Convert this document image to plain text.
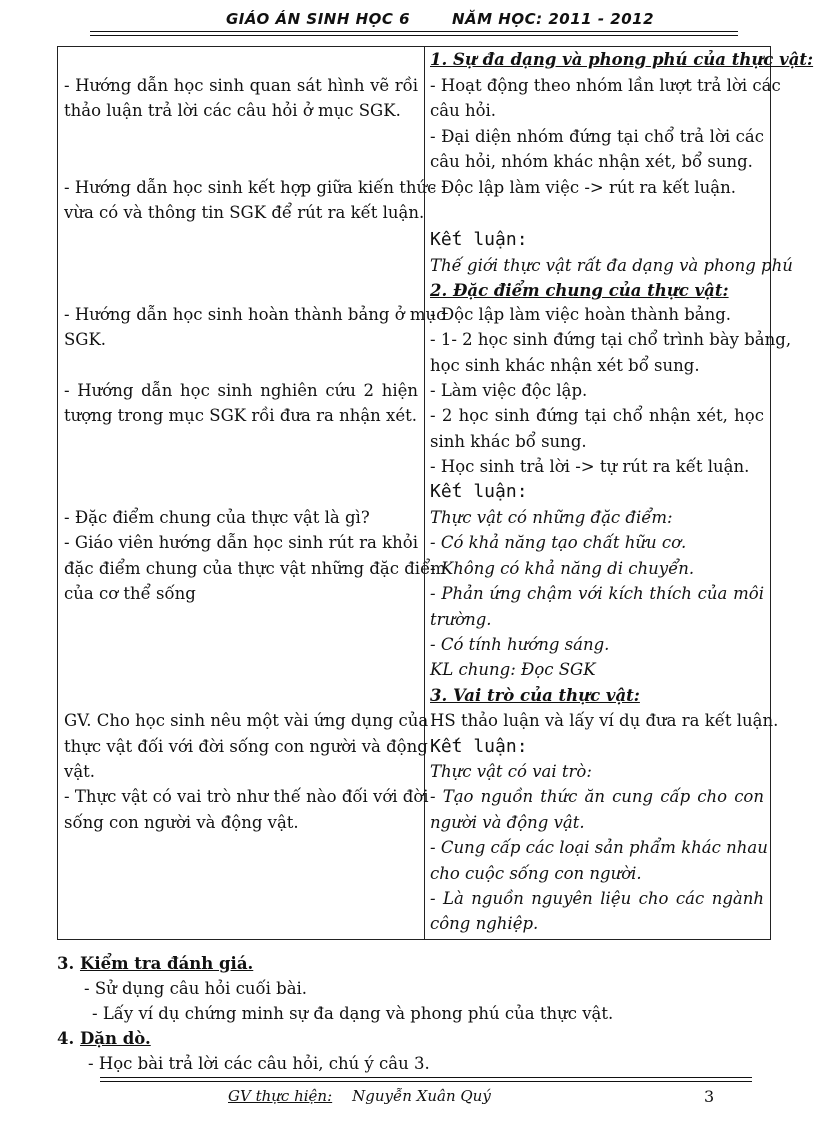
GIÁO ÁN SINH HỌC 6	NĂM HỌC: 2011 - 2012
- Hướng dẫn học sinh quan sát hình vẽ rồi
thảo luận trả lời các câu hỏi ở mục SGK.
- Hướng dẫn học sinh kết hợp giữa kiến thức
vừa có và thông tin SGK để rút ra kết luận.
- Hướng dẫn học sinh hoàn thành bảng ở mục
SGK.
- Hướng dẫn học sinh nghiên cứu 2 hiện
tượng trong mục SGK rồi đưa ra nhận xét.
- Đặc điểm chung của thực vật là gì?
- Giáo viên hướng dẫn học sinh rút ra khỏi
đặc điểm chung của thực vật những đặc điểm
của cơ thể sống
GV. Cho học sinh nêu một vài ứng dụng của
thực vật đối với đời sống con người và động
vật.
- Thực vật có vai trò như thế nào đối với đời
sống con người và động vật.

1. Sự đa dạng và phong phú của thực vật:
- Hoạt động theo nhóm lần lượt trả lời các
câu hỏi.
- Đại diện nhóm đứng tại chổ trả lời các
câu hỏi, nhóm khác nhận xét, bổ sung.
- Độc lập làm việc -> rút ra kết luận.
Kết luận:
Thế giới thực vật rất đa dạng và phong phú
2. Đặc điểm chung của thực vật:
- Độc lập làm việc hoàn thành bảng.
- 1- 2 học sinh đứng tại chổ trình bày bảng,
học sinh khác nhận xét bổ sung.
- Làm việc độc lập.
- 2 học sinh đứng tại chổ nhận xét, học
sinh khác bổ sung.
- Học sinh trả lời -> tự rút ra kết luận.
Kết luận:
Thực vật có những đặc điểm:
- Có khả năng tạo chất hữu cơ.
- Không có khả năng di chuyển.
- Phản ứng chậm với kích thích của môi
trường.
- Có tính hướng sáng.
KL chung: Đọc SGK
3. Vai trò của thực vật:
HS thảo luận và lấy ví dụ đưa ra kết luận.
Kết luận:
Thực vật có vai trò:
- Tạo nguồn thức ăn cung cấp cho con
người và động vật.
- Cung cấp các loại sản phẩm khác nhau
cho cuộc sống con người.
- Là nguồn nguyên liệu cho các ngành
công nghiệp.
3. Kiểm tra đánh giá.
- Sử dụng câu hỏi cuối bài.
- Lấy ví dụ chứng minh sự đa dạng và phong phú của thực vật.
4. Dặn dò.
- Học bài trả lời các câu hỏi, chú ý câu 3.
GV thực hiện: Nguyễn Xuân Quý	3
